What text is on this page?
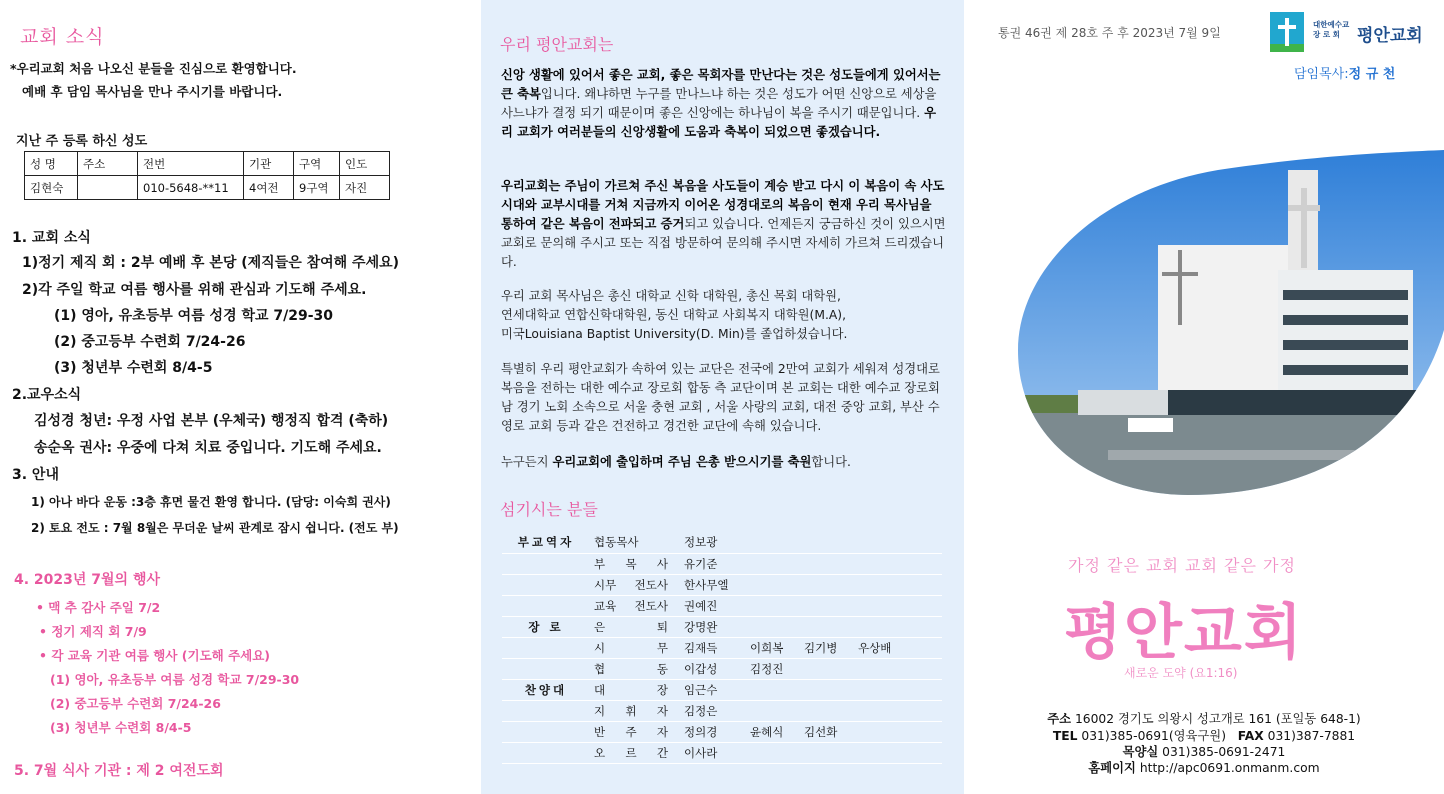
교회 소식
*우리교회 처음 나오신 분들을 진심으로 환영합니다.
예배 후 담임 목사님을 만나 주시기를 바랍니다.
지난 주 등록 하신 성도
성 명	주소	전번	기관	구역	인도
김현숙		010-5648-**11	4여전	9구역	자진
1. 교회 소식
1)정기 제직 회 : 2부 예배 후 본당 (제직들은 참여해 주세요)
2)각 주일 학교 여름 행사를 위해 관심과 기도해 주세요.
(1) 영아, 유초등부 여름 성경 학교 7/29-30
(2) 중고등부 수련회 7/24-26
(3) 청년부 수련회 8/4-5
2.교우소식
김성경 청년: 우정 사업 본부 (우체국) 행정직 합격 (축하)
송순옥 권사: 우중에 다쳐 치료 중입니다. 기도해 주세요.
3. 안내
1) 아나 바다 운동 :3층 휴면 물건 환영 합니다. (담당: 이숙희 권사)
2) 토요 전도 : 7월 8월은 무더운 날씨 관계로 잠시 쉽니다. (전도 부)
4. 2023년 7월의 행사
• 맥 추 감사 주일 7/2
• 정기 제직 회 7/9
• 각 교육 기관 여름 행사 (기도해 주세요)
(1) 영아, 유초등부 여름 성경 학교 7/29-30
(2) 중고등부 수련회 7/24-26
(3) 청년부 수련회 8/4-5
5. 7월 식사 기관 : 제 2 여전도회
우리 평안교회는
신앙 생활에 있어서 좋은 교회, 좋은 목회자를 만난다는 것은 성도들에게 있어서는 큰 축복입니다. 왜냐하면 누구를 만나느냐 하는 것은 성도가 어떤 신앙으로 세상을 사느냐가 결정 되기 때문이며 좋은 신앙에는 하나님이 복을 주시기 때문입니다. 우리 교회가 여러분들의 신앙생활에 도움과 축복이 되었으면 좋겠습니다.
우리교회는 주님이 가르쳐 주신 복음을 사도들이 계승 받고 다시 이 복음이 속 사도시대와 교부시대를 거쳐 지금까지 이어온 성경대로의 복음이 현재 우리 목사님을 통하여 같은 복음이 전파되고 증거되고 있습니다. 언제든지 궁금하신 것이 있으시면 교회로 문의해 주시고 또는 직접 방문하여 문의해 주시면 자세히 가르쳐 드리겠습니다.
우리 교회 목사님은 총신 대학교 신학 대학원, 총신 목회 대학원,
연세대학교 연합신학대학원, 동신 대학교 사회복지 대학원(M.A),
미국Louisiana Baptist University(D. Min)를 졸업하셨습니다.
특별히 우리 평안교회가 속하여 있는 교단은 전국에 2만여 교회가 세워져 성경대로 복음을 전하는 대한 예수교 장로회 합동 측 교단이며 본 교회는 대한 예수교 장로회 남 경기 노회 소속으로 서울 충현 교회 , 서울 사랑의 교회, 대전 중앙 교회, 부산 수 영로 교회 등과 같은 건전하고 경건한 교단에 속해 있습니다.
누구든지 우리교회에 출입하며 주님 은총 받으시기를 축원합니다.
섬기시는 분들
부교역자	협동목사	정보광			
	부 목 사	유기준			
	시무 전도사	한사무엘			
	교육 전도사	권예진			
장 로	은 퇴	강명완			
	시 무	김재득	이희복	김기병	우상배
	협 동	이갑성	김정진		
찬양대	대 장	임근수			
	지 휘 자	김정은			
	반 주 자	정의경	윤혜식	김선화	
	오 르 간	이사라			
통권 46권 제 28호 주 후 2023년 7월 9일
대한예수교
장 로 회	평안교회
담임목사:정 규 천
가정 같은 교회 교회 같은 가정
평안교회
새로운 도약 (요1:16)
주소 16002 경기도 의왕시 성고개로 161 (포일동 648-1)
TEL 031)385-0691(영육구원) FAX 031)387-7881
목양실 031)385-0691-2471
홈페이지 http://apc0691.onmanm.com
